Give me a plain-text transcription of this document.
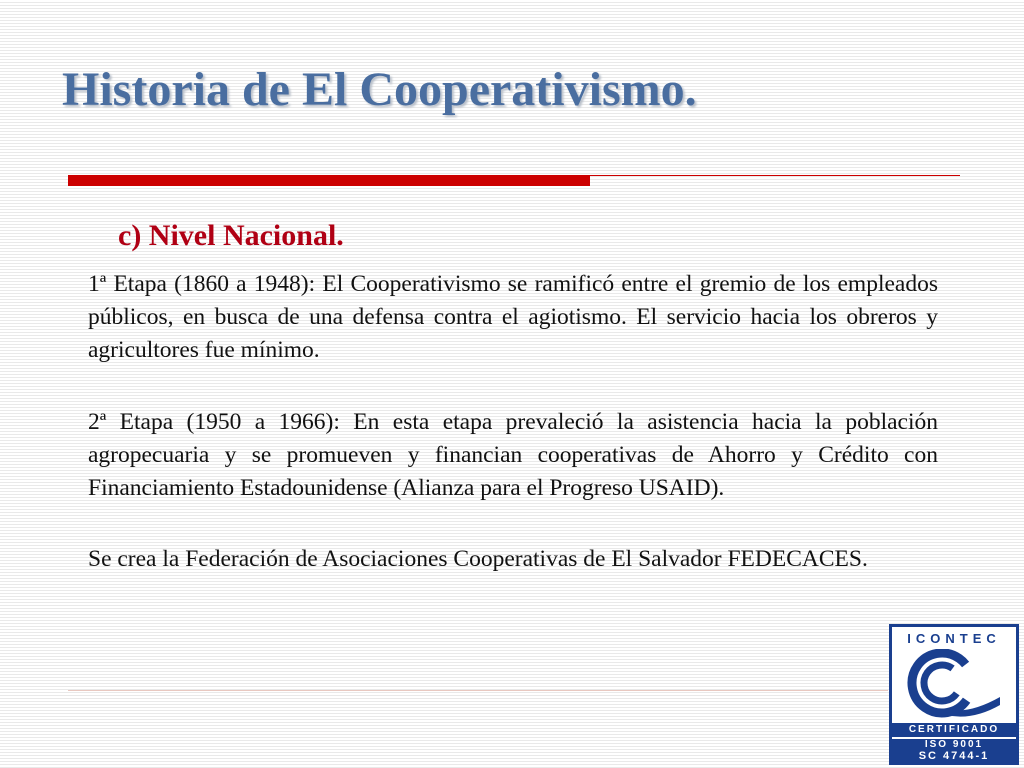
Historia de El Cooperativismo.
c) Nivel Nacional.

1ª Etapa (1860 a 1948): El Cooperativismo se ramificó entre el gremio de los empleados públicos, en busca de una defensa contra el agiotismo. El servicio hacia los obreros y agricultores fue mínimo.

2ª Etapa (1950 a 1966): En esta etapa prevaleció la asistencia hacia la población agropecuaria y se promueven y financian cooperativas de Ahorro y Crédito con Financiamiento Estadounidense (Alianza para el Progreso USAID).

Se crea la Federación de Asociaciones Cooperativas de El Salvador FEDECACES.

ICONTEC
CERTIFICADO
ISO 9001
SC 4744-1
